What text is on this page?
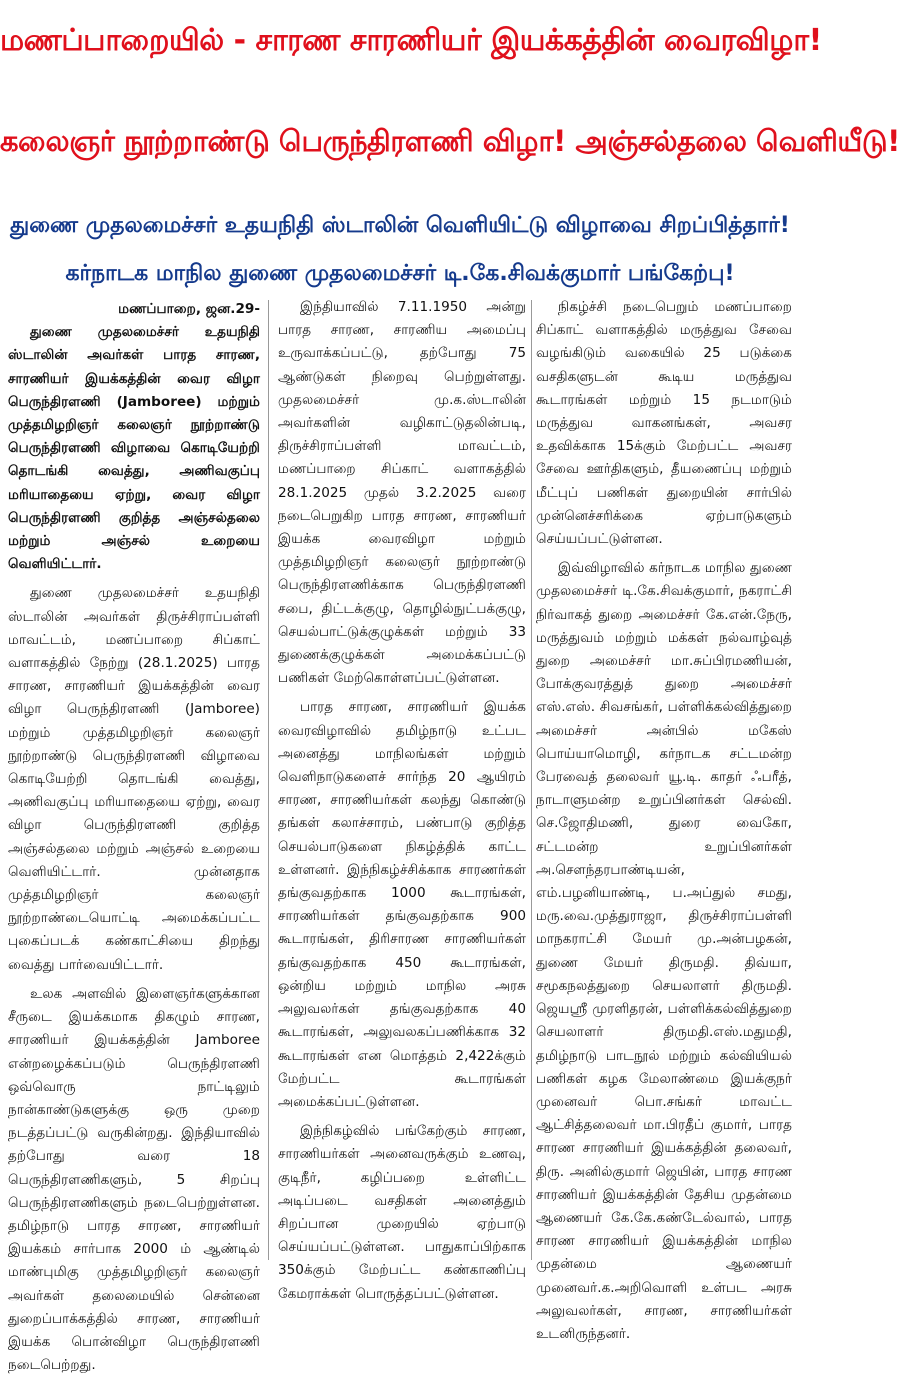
மணப்பாறையில் - சாரண சாரணியர் இயக்கத்தின் வைரவிழா!
கலைஞர் நூற்றாண்டு பெருந்திரளணி விழா! அஞ்சல்தலை வெளியீடு!
துணை முதலமைச்சர் உதயநிதி ஸ்டாலின் வெளியிட்டு விழாவை சிறப்பித்தார்!
கர்நாடக மாநில துணை முதலமைச்சர் டி.கே.சிவக்குமார் பங்கேற்பு!

மணப்பாறை, ஜன.29-

துணை முதலமைச்சர் உதயநிதி ஸ்டாலின் அவர்கள் பாரத சாரண, சாரணியர் இயக்கத்தின் வைர விழா பெருந்திரளணி (Jamboree) மற்றும் முத்தமிழறிஞர் கலைஞர் நூற்றாண்டு பெருந்திரளணி விழாவை கொடியேற்றி தொடங்கி வைத்து, அணிவகுப்பு மரியாதையை ஏற்று, வைர விழா பெருந்திரளணி குறித்த அஞ்சல்தலை மற்றும் அஞ்சல் உறையை வெளியிட்டார்.

துணை முதலமைச்சர் உதயநிதி ஸ்டாலின் அவர்கள் திருச்சிராப்பள்ளி மாவட்டம், மணப்பாறை சிப்காட் வளாகத்தில் நேற்று (28.1.2025) பாரத சாரண, சாரணியர் இயக்கத்தின் வைர விழா பெருந்திரளணி (Jamboree) மற்றும் முத்தமிழறிஞர் கலைஞர் நூற்றாண்டு பெருந்திரளணி விழாவை கொடியேற்றி தொடங்கி வைத்து, அணிவகுப்பு மரியாதையை ஏற்று, வைர விழா பெருந்திரளணி குறித்த அஞ்சல்தலை மற்றும் அஞ்சல் உறையை வெளியிட்டார். முன்னதாக முத்தமிழறிஞர் கலைஞர் நூற்றாண்டையொட்டி அமைக்கப்பட்ட புகைப்படக் கண்காட்சியை திறந்து வைத்து பார்வையிட்டார்.

உலக அளவில் இளைஞர்களுக்கான சீருடை இயக்கமாக திகழும் சாரண, சாரணியர் இயக்கத்தின் Jamboree என்றழைக்கப்படும் பெருந்திரளணி ஒவ்வொரு நாட்டிலும் நான்காண்டுகளுக்கு ஒரு முறை நடத்தப்பட்டு வருகின்றது. இந்தியாவில் தற்போது வரை 18 பெருந்திரளணிகளும், 5 சிறப்பு பெருந்திரளணிகளும் நடைபெற்றுள்ளன. தமிழ்நாடு பாரத சாரண, சாரணியர் இயக்கம் சார்பாக 2000 ம் ஆண்டில் மாண்புமிகு முத்தமிழறிஞர் கலைஞர் அவர்கள் தலைமையில் சென்னை துறைப்பாக்கத்தில் சாரண, சாரணியர் இயக்க பொன்விழா பெருந்திரளணி நடைபெற்றது.

இந்தியாவில் 7.11.1950 அன்று பாரத சாரண, சாரணிய அமைப்பு உருவாக்கப்பட்டு, தற்போது 75 ஆண்டுகள் நிறைவு பெற்றுள்ளது. முதலமைச்சர் மு.க.ஸ்டாலின் அவர்களின் வழிகாட்டுதலின்படி, திருச்சிராப்பள்ளி மாவட்டம், மணப்பாறை சிப்காட் வளாகத்தில் 28.1.2025 முதல் 3.2.2025 வரை நடைபெறுகிற பாரத சாரண, சாரணியர் இயக்க வைரவிழா மற்றும் முத்தமிழறிஞர் கலைஞர் நூற்றாண்டு பெருந்திரளணிக்காக பெருந்திரளணி சபை, திட்டக்குழு, தொழில்நுட்பக்குழு, செயல்பாட்டுக்குழுக்கள் மற்றும் 33 துணைக்குழுக்கள் அமைக்கப்பட்டு பணிகள் மேற்கொள்ளப்பட்டுள்ளன.

பாரத சாரண, சாரணியர் இயக்க வைரவிழாவில் தமிழ்நாடு உட்பட அனைத்து மாநிலங்கள் மற்றும் வெளிநாடுகளைச் சார்ந்த 20 ஆயிரம் சாரண, சாரணியர்கள் கலந்து கொண்டு தங்கள் கலாச்சாரம், பண்பாடு குறித்த செயல்பாடுகளை நிகழ்த்திக் காட்ட உள்ளனர். இந்நிகழ்ச்சிக்காக சாரணர்கள் தங்குவதற்காக 1000 கூடாரங்கள், சாரணியர்கள் தங்குவதற்காக 900 கூடாரங்கள், திரிசாரண சாரணியர்கள் தங்குவதற்காக 450 கூடாரங்கள், ஒன்றிய மற்றும் மாநில அரசு அலுவலர்கள் தங்குவதற்காக 40 கூடாரங்கள், அலுவலகப்பணிக்காக 32 கூடாரங்கள் என மொத்தம் 2,422க்கும் மேற்பட்ட கூடாரங்கள் அமைக்கப்பட்டுள்ளன.

இந்நிகழ்வில் பங்கேற்கும் சாரண, சாரணியர்கள் அனைவருக்கும் உணவு, குடிநீர், கழிப்பறை உள்ளிட்ட அடிப்படை வசதிகள் அனைத்தும் சிறப்பான முறையில் ஏற்பாடு செய்யப்பட்டுள்ளன. பாதுகாப்பிற்காக 350க்கும் மேற்பட்ட கண்காணிப்பு கேமராக்கள் பொருத்தப்பட்டுள்ளன.

நிகழ்ச்சி நடைபெறும் மணப்பாறை சிப்காட் வளாகத்தில் மருத்துவ சேவை வழங்கிடும் வகையில் 25 படுக்கை வசதிகளுடன் கூடிய மருத்துவ கூடாரங்கள் மற்றும் 15 நடமாடும் மருத்துவ வாகனங்கள், அவசர உதவிக்காக 15க்கும் மேற்பட்ட அவசர சேவை ஊர்திகளும், தீயணைப்பு மற்றும் மீட்புப் பணிகள் துறையின் சார்பில் முன்னெச்சரிக்கை ஏற்பாடுகளும் செய்யப்பட்டுள்ளன.

இவ்விழாவில் கர்நாடக மாநில துணை முதலமைச்சர் டி.கே.சிவக்குமார், நகராட்சி நிர்வாகத் துறை அமைச்சர் கே.என்.நேரு, மருத்துவம் மற்றும் மக்கள் நல்வாழ்வுத் துறை அமைச்சர் மா.சுப்பிரமணியன், போக்குவரத்துத் துறை அமைச்சர் எஸ்.எஸ். சிவசங்கர், பள்ளிக்கல்வித்துறை அமைச்சர் அன்பில் மகேஸ் பொய்யாமொழி, கர்நாடக சட்டமன்ற பேரவைத் தலைவர் யூ.டி. காதர் ஃபரீத், நாடாளுமன்ற உறுப்பினர்கள் செல்வி. செ.ஜோதிமணி, துரை வைகோ, சட்டமன்ற உறுப்பினர்கள் அ.சௌந்தரபாண்டியன், எம்.பழனியாண்டி, ப.அப்துல் சமது, மரு.வை.முத்துராஜா, திருச்சிராப்பள்ளி மாநகராட்சி மேயர் மு.அன்பழகன், துணை மேயர் திருமதி. திவ்யா, சமூகநலத்துறை செயலாளர் திருமதி. ஜெயஸ்ரீ முரளிதரன், பள்ளிக்கல்வித்துறை செயலாளர் திருமதி.எஸ்.மதுமதி, தமிழ்நாடு பாடநூல் மற்றும் கல்வியியல் பணிகள் கழக மேலாண்மை இயக்குநர் முனைவர் பொ.சங்கர் மாவட்ட ஆட்சித்தலைவர் மா.பிரதீப் குமார், பாரத சாரண சாரணியர் இயக்கத்தின் தலைவர், திரு. அனில்குமார் ஜெயின், பாரத சாரண சாரணியர் இயக்கத்தின் தேசிய முதன்மை ஆணையர் கே.கே.கண்டேல்வால், பாரத சாரண சாரணியர் இயக்கத்தின் மாநில முதன்மை ஆணையர் முனைவர்.க.அறிவொளி உள்பட அரசு அலுவலர்கள், சாரண, சாரணியர்கள் உடனிருந்தனர்.
